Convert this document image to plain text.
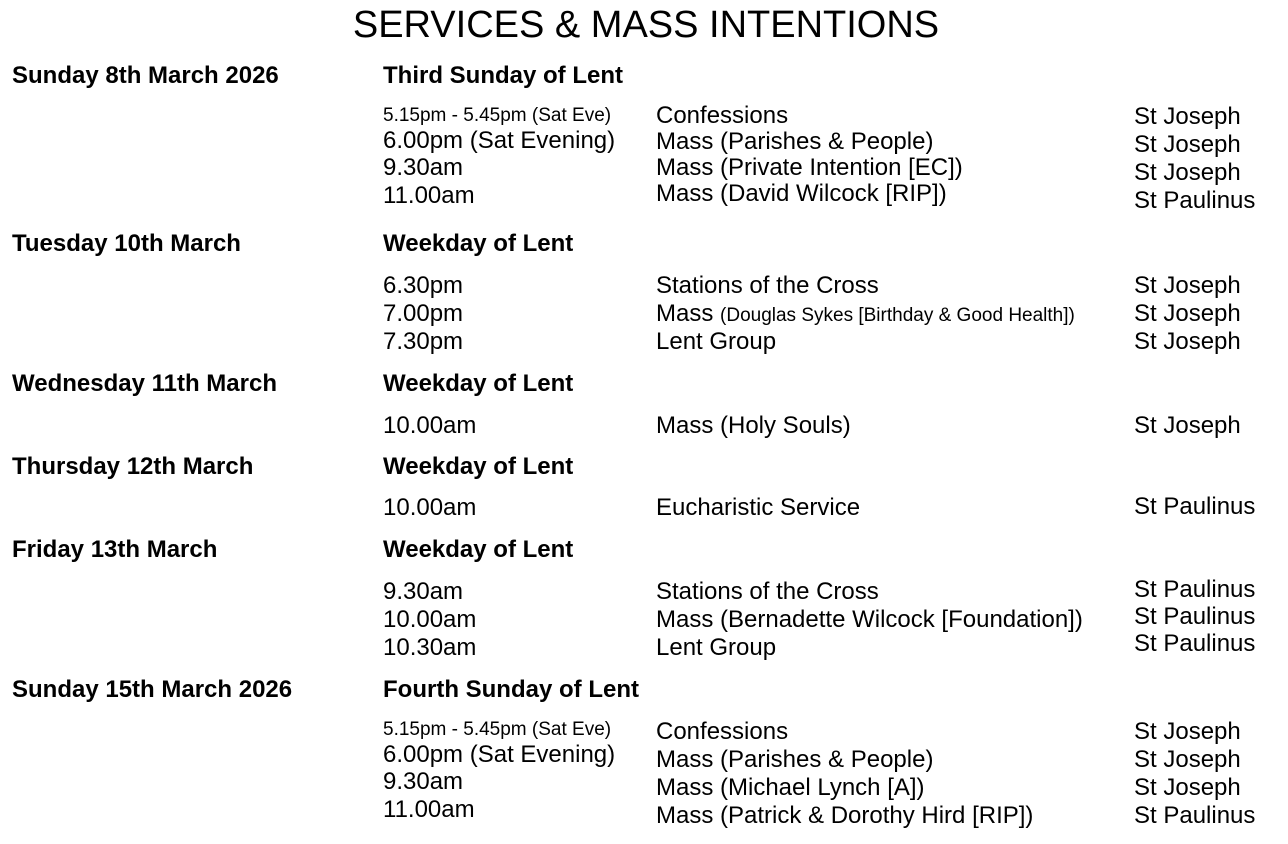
SERVICES & MASS INTENTIONS
Sunday 8th March 2026	Third Sunday of Lent
5.15pm - 5.45pm (Sat Eve) Confessions	St Joseph
6.00pm (Sat Evening) Mass (Parishes & People)	St Joseph
9.30am	Mass (Private Intention [EC])	St Joseph
11.00am	Mass (David Wilcock [RIP])	St Paulinus
Tuesday 10th March	Weekday of Lent
6.30pm	Stations of the Cross	St Joseph
7.00pm	Mass (Douglas Sykes [Birthday & Good Health]) St Joseph
7.30pm	Lent Group	St Joseph
Wednesday 11th March	Weekday of Lent
10.00am	Mass (Holy Souls)	St Joseph
Thursday 12th March	Weekday of Lent
10.00am	Eucharistic Service	St Paulinus
Friday 13th March	Weekday of Lent
9.30am	Stations of the Cross	St Paulinus
10.00am	Mass (Bernadette Wilcock [Foundation]) St Paulinus
10.30am	Lent Group	St Paulinus
Sunday 15th March 2026	Fourth Sunday of Lent
5.15pm - 5.45pm (Sat Eve) Confessions	St Joseph
6.00pm (Sat Evening) Mass (Parishes & People)	St Joseph
9.30am	Mass (Michael Lynch [A])	St Joseph
11.00am	Mass (Patrick & Dorothy Hird [RIP])	St Paulinus
